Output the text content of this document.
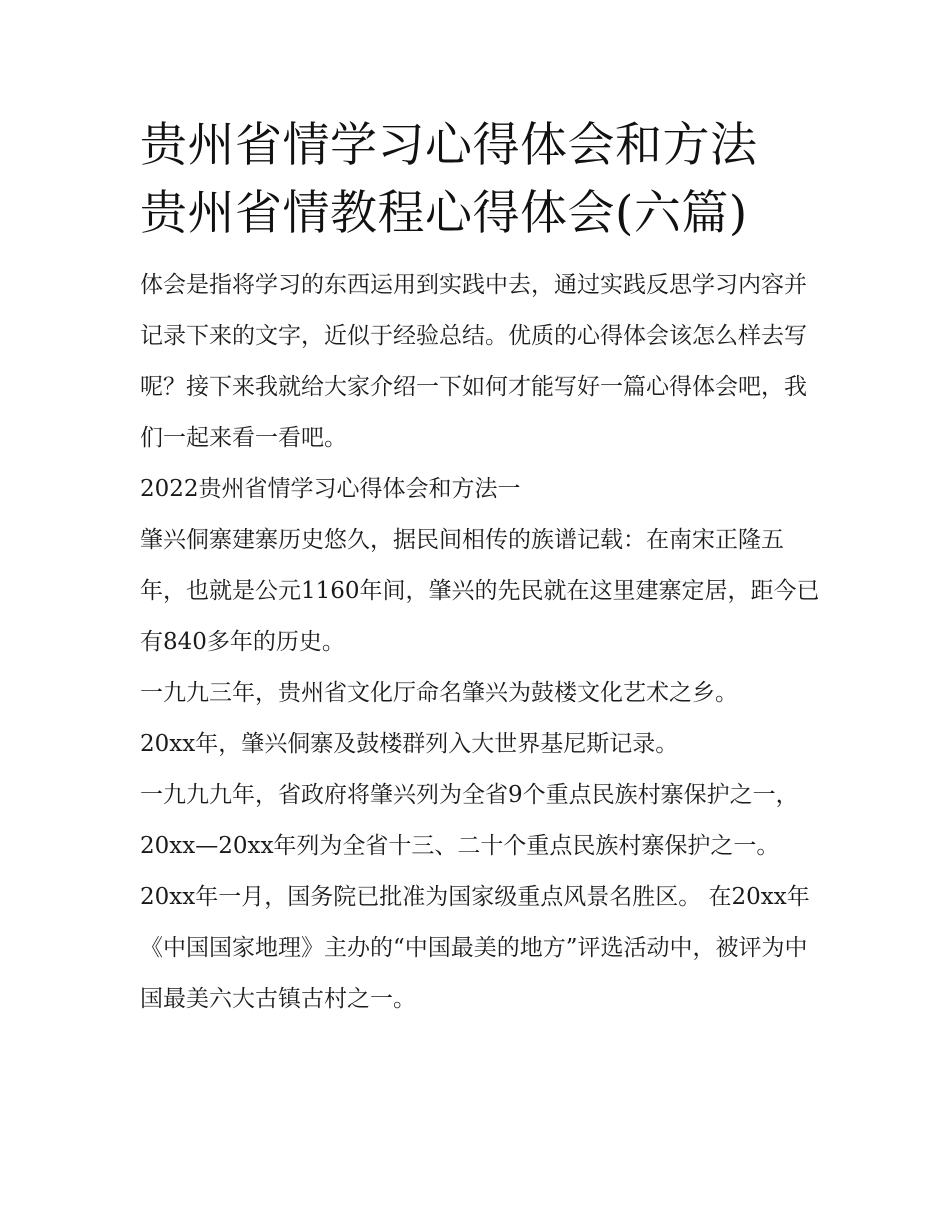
贵州省情学习心得体会和方法
贵州省情教程心得体会(六篇)

体会是指将学习的东西运用到实践中去，通过实践反思学习内容并记录下来的文字，近似于经验总结。优质的心得体会该怎么样去写呢？接下来我就给大家介绍一下如何才能写好一篇心得体会吧，我们一起来看一看吧。

2022贵州省情学习心得体会和方法一

肇兴侗寨建寨历史悠久，据民间相传的族谱记载：在南宋正隆五年，也就是公元1160年间，肇兴的先民就在这里建寨定居，距今已有840多年的历史。

一九九三年，贵州省文化厅命名肇兴为鼓楼文化艺术之乡。

20xx年，肇兴侗寨及鼓楼群列入大世界基尼斯记录。

一九九九年，省政府将肇兴列为全省9个重点民族村寨保护之一，20xx—20xx年列为全省十三、二十个重点民族村寨保护之一。

20xx年一月，国务院已批准为国家级重点风景名胜区。 在20xx年《中国国家地理》主办的“中国最美的地方”评选活动中，被评为中国最美六大古镇古村之一。
